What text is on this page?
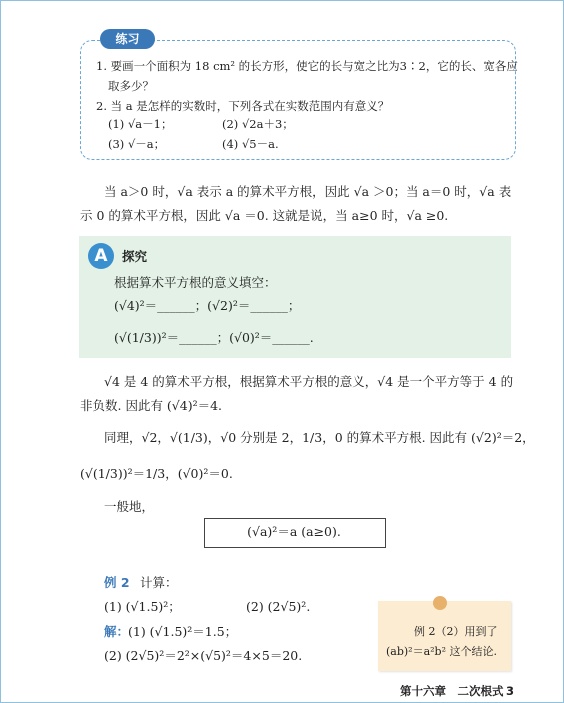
练习
1. 要画一个面积为 18 cm² 的长方形，使它的长与宽之比为3∶2，它的长、宽各应
取多少？
2. 当 a 是怎样的实数时，下列各式在实数范围内有意义？
(1) √a－1；	(2) √2a＋3；
(3) √－a；	(4) √5－a.
当 a＞0 时，√a 表示 a 的算术平方根，因此 √a ＞0；当 a＝0 时，√a 表
示 0 的算术平方根，因此 √a ＝0. 这就是说，当 a≥0 时，√a ≥0.
A	探究
根据算术平方根的意义填空：
(√4)²＝______；(√2)²＝______；
(√(1/3))²＝______；(√0)²＝______.
√4 是 4 的算术平方根，根据算术平方根的意义，√4 是一个平方等于 4 的
非负数. 因此有 (√4)²＝4.
同理，√2，√(1/3)，√0 分别是 2，1/3，0 的算术平方根. 因此有 (√2)²＝2，
(√(1/3))²＝1/3，(√0)²＝0.
一般地，
(√a)²＝a (a≥0).
例 2 计算：
(1) (√1.5)²；	(2) (2√5)².
解：
(1) (√1.5)²＝1.5；
(2) (2√5)²＝2²×(√5)²＝4×5＝20.
例 2（2）用到了
(ab)²＝a²b² 这个结论.
第十六章　二次根式 3
